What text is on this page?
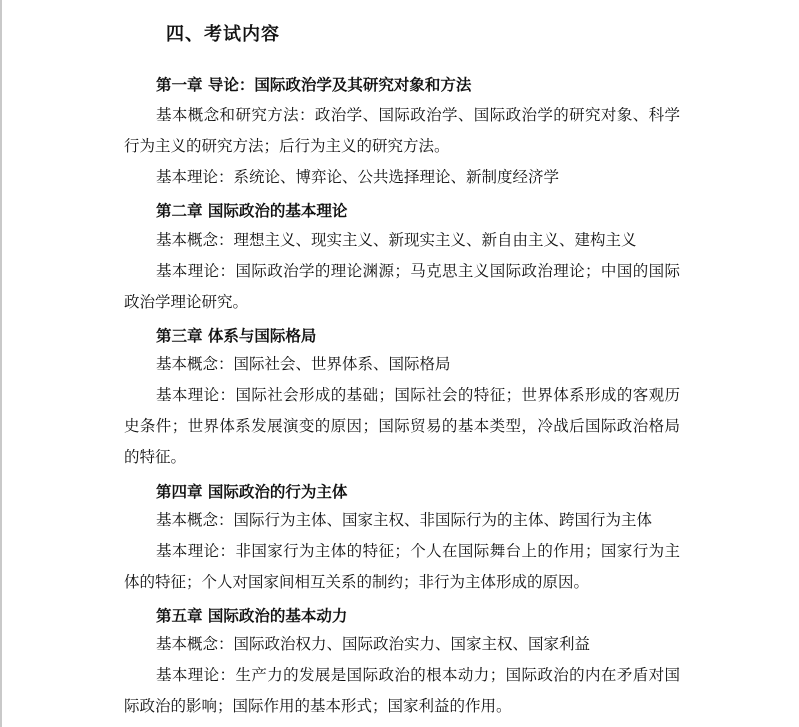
四、考试内容
第一章 导论：国际政治学及其研究对象和方法

基本概念和研究方法：政治学、国际政治学、国际政治学的研究对象、科学行为主义的研究方法；后行为主义的研究方法。

基本理论：系统论、博弈论、公共选择理论、新制度经济学

第二章 国际政治的基本理论

基本概念：理想主义、现实主义、新现实主义、新自由主义、建构主义

基本理论：国际政治学的理论渊源；马克思主义国际政治理论；中国的国际政治学理论研究。

第三章 体系与国际格局

基本概念：国际社会、世界体系、国际格局

基本理论：国际社会形成的基础；国际社会的特征；世界体系形成的客观历史条件；世界体系发展演变的原因；国际贸易的基本类型，冷战后国际政治格局的特征。

第四章 国际政治的行为主体

基本概念：国际行为主体、国家主权、非国际行为的主体、跨国行为主体

基本理论：非国家行为主体的特征；个人在国际舞台上的作用；国家行为主体的特征；个人对国家间相互关系的制约；非行为主体形成的原因。

第五章 国际政治的基本动力

基本概念：国际政治权力、国际政治实力、国家主权、国家利益

基本理论：生产力的发展是国际政治的根本动力；国际政治的内在矛盾对国际政治的影响；国际作用的基本形式；国家利益的作用。
